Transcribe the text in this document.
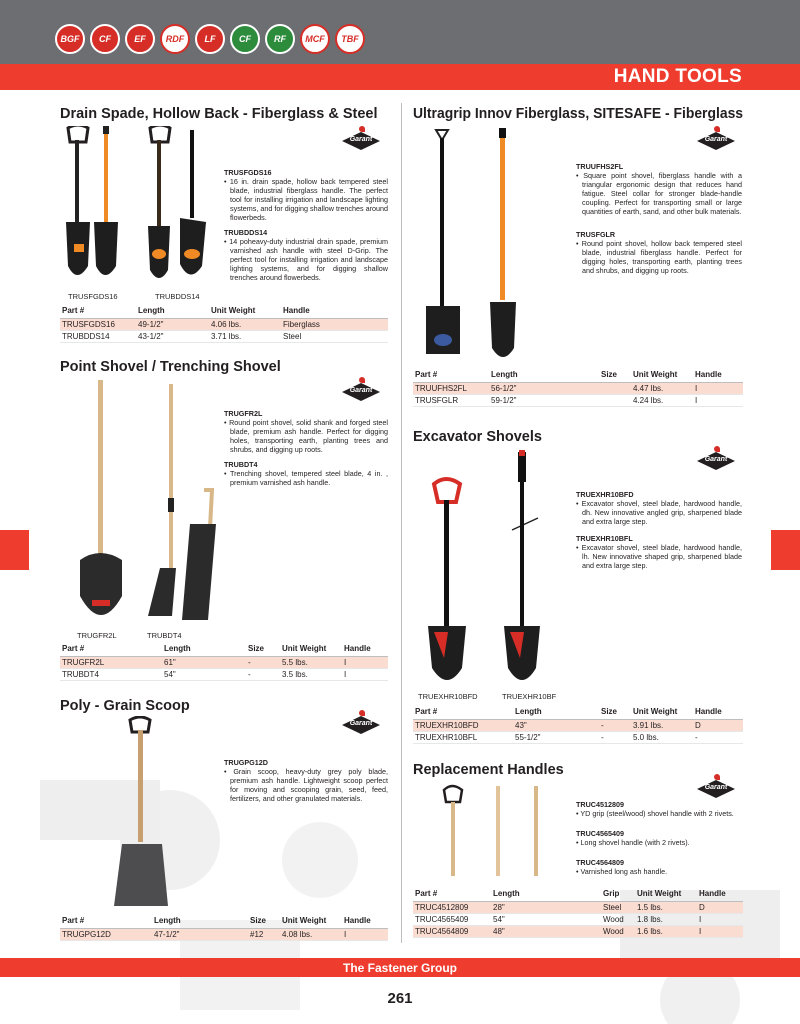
BGF	CF	EF	RDF	LF	CF	RF	MCF	TBF
HAND TOOLS
Drain Spade, Hollow Back - Fiberglass & Steel
Garant
TRUSFGDS16	TRUBDDS14
TRUSFGDS16
• 16 in. drain spade, hollow back tempered steel blade, industrial fiberglass handle. The perfect tool for installing irrigation and landscape lighting systems, and for digging shallow trenches around flowerbeds.
TRUBDDS14
• 14 poheavy-duty industrial drain spade, premium varnished ash handle with steel D-Grip. The perfect tool for installing irrigation and landscape lighting systems, and for digging shallow trenches around flowerbeds.
Part #	Length	Unit Weight	Handle
TRUSFGDS16	49-1/2"	4.06 lbs.	Fiberglass
TRUBDDS14	43-1/2"	3.71 lbs.	Steel
Point Shovel / Trenching Shovel
Garant
TRUGFR2L	TRUBDT4
TRUGFR2L
• Round point shovel, solid shank and forged steel blade, premium ash handle. Perfect for digging holes, transporting earth, planting trees and shrubs, and digging up roots.
TRUBDT4
• Trenching shovel, tempered steel blade, 4 in. , premium varnished ash handle.
Part #	Length	Size	Unit Weight	Handle
TRUGFR2L	61"	-	5.5 lbs.	I
TRUBDT4	54"	-	3.5 lbs.	I
Poly - Grain Scoop
Garant
TRUGPG12D
• Grain scoop, heavy-duty grey poly blade, premium ash handle. Lightweight scoop perfect for moving and scooping grain, seed, feed, fertilizers, and other granulated materials.
Part #	Length	Size	Unit Weight	Handle
TRUGPG12D	47-1/2"	#12	4.08 lbs.	I
Ultragrip Innov Fiberglass, SITESAFE - Fiberglass
Garant
TRUUFHS2FL
• Square point shovel, fiberglass handle with a triangular ergonomic design that reduces hand fatigue. Steel collar for stronger blade-handle coupling. Perfect for transporting small or large quantities of earth, sand, and other bulk materials.
TRUSFGLR
• Round point shovel, hollow back tempered steel blade, industrial fiberglass handle. Perfect for digging holes, transporting earth, planting trees and shrubs, and digging up roots.
Part #	Length	Size	Unit Weight	Handle
TRUUFHS2FL	56-1/2"		4.47 lbs.	I
TRUSFGLR	59-1/2"		4.24 lbs.	I
Excavator Shovels
Garant
TRUEXHR10BFD	TRUEXHR10BF
TRUEXHR10BFD
• Excavator shovel, steel blade, hardwood handle, dh. New innovative angled grip, sharpened blade and extra large step.
TRUEXHR10BFL
• Excavator shovel, steel blade, hardwood handle, lh. New innovative shaped grip, sharpened blade and extra large step.
Part #	Length	Size	Unit Weight	Handle
TRUEXHR10BFD	43"	-	3.91 lbs.	D
TRUEXHR10BFL	55-1/2"	-	5.0 lbs.	-
Replacement Handles
Garant
TRUC4512809
• YD grip (steel/wood) shovel handle with 2 rivets.
TRUC4565409
• Long shovel handle (with 2 rivets).
TRUC4564809
• Varnished long ash handle.
Part #	Length	Grip	Unit Weight	Handle
TRUC4512809	28"	Steel	1.5 lbs.	D
TRUC4565409	54"	Wood	1.8 lbs.	I
TRUC4564809	48"	Wood	1.6 lbs.	I
The Fastener Group
261
